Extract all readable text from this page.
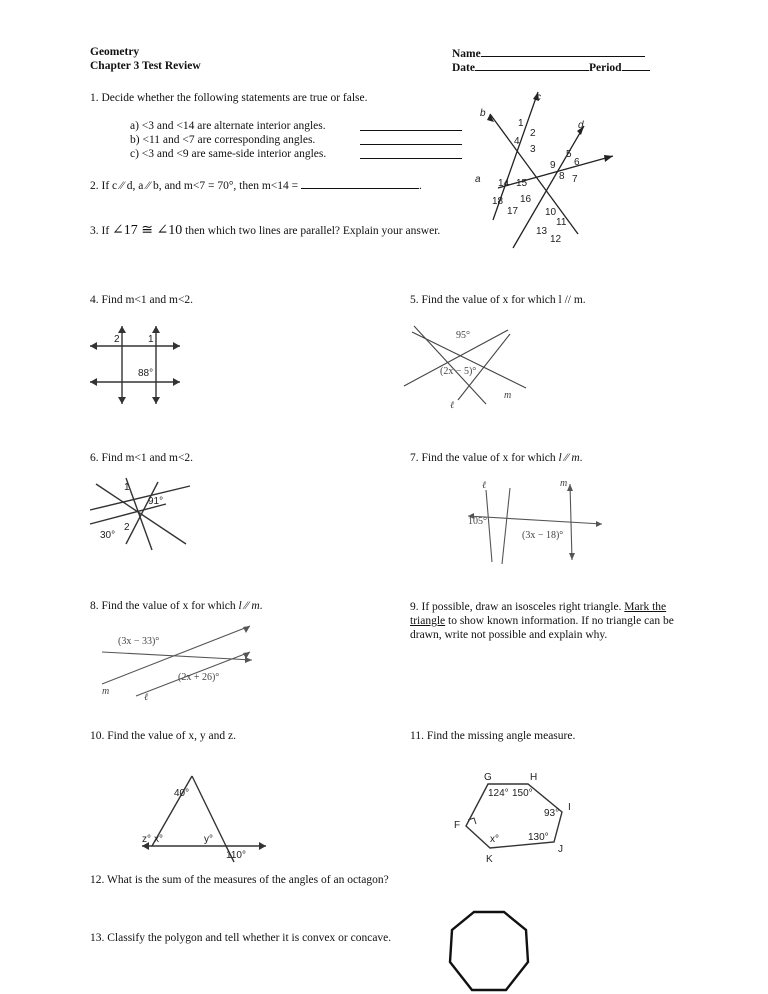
Geometry
Chapter 3 Test Review
Name
Date	Period
1. Decide whether the following statements are true or false.
a) <3 and <14 are alternate interior angles.
b) <11 and <7 are corresponding angles.
c) <3 and <9 are same-side interior angles.
2. If c ∕∕ d, a ∕∕ b, and m<7 = 70°, then m<14 =	.
3. If ∠17 ≅ ∠10 then which two lines are parallel? Explain your answer.
b
c
d
a
1
2
4
3	5
6
9
8 7
14 15
16
18
17	10
11
13
12
4. Find m<1 and m<2.
2	1
88°
5. Find the value of x for which l // m.
95°
(2x − 5)°
ℓ
m
6. Find m<1 and m<2.
1
91°
30°
2
7. Find the value of x for which l ∕∕ m.
ℓ	m
105°
(3x − 18)°
8. Find the value of x for which l ∕∕ m.
(3x − 33)°
(2x + 26)°
m
ℓ
9. If possible, draw an isosceles right triangle. Mark the triangle to show known information. If no triangle can be drawn, write not possible and explain why.
10. Find the value of x, y and z.
40°
z° x°	y°
110°
11. Find the missing angle measure.
G	H
I
J
K
F
124° 150°
93°
130°
x°
12. What is the sum of the measures of the angles of an octagon?
13. Classify the polygon and tell whether it is convex or concave.
